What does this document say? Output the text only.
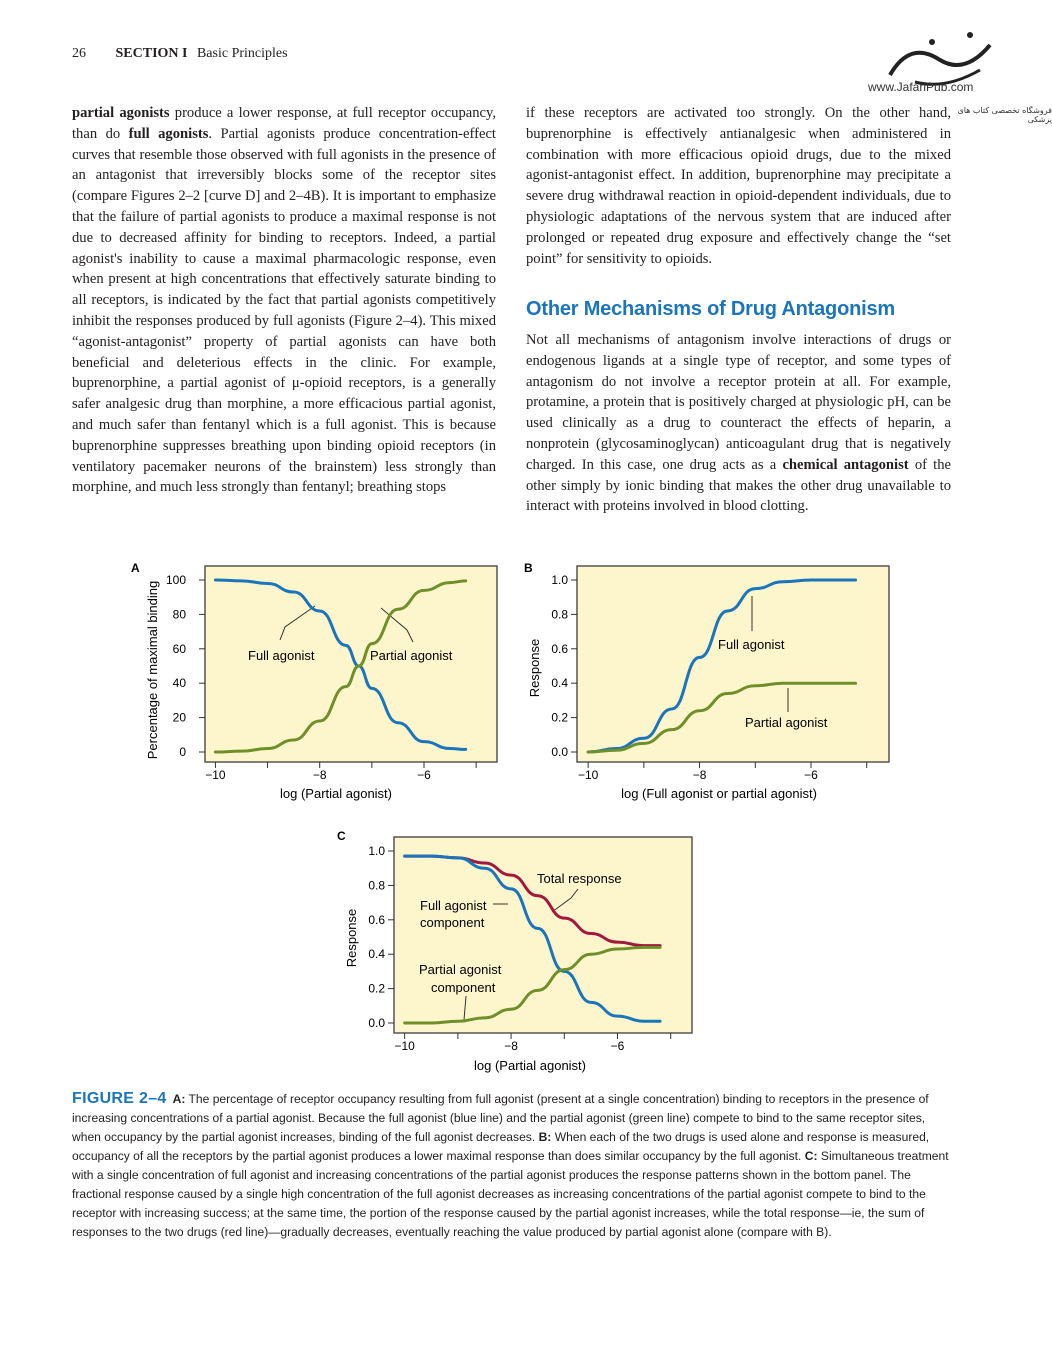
26 SECTION I Basic Principles
www.JafariPub.com
فروشگاه تخصصی کتاب های پزشکی

partial agonists produce a lower response, at full receptor occupancy, than do full agonists. Partial agonists produce concentration-effect curves that resemble those observed with full agonists in the presence of an antagonist that irreversibly blocks some of the receptor sites (compare Figures 2–2 [curve D] and 2–4B). It is important to emphasize that the failure of partial agonists to produce a maximal response is not due to decreased affinity for binding to receptors. Indeed, a partial agonist's inability to cause a maximal pharmacologic response, even when present at high concentrations that effectively saturate binding to all receptors, is indicated by the fact that partial agonists competitively inhibit the responses produced by full agonists (Figure 2–4). This mixed “agonist-antagonist” property of partial agonists can have both beneficial and deleterious effects in the clinic. For example, buprenorphine, a partial agonist of μ-opioid receptors, is a generally safer analgesic drug than morphine, a more efficacious partial agonist, and much safer than fentanyl which is a full agonist. This is because buprenorphine suppresses breathing upon binding opioid receptors (in ventilatory pacemaker neurons of the brainstem) less strongly than morphine, and much less strongly than fentanyl; breathing stops

if these receptors are activated too strongly. On the other hand, buprenorphine is effectively antianalgesic when administered in combination with more efficacious opioid drugs, due to the mixed agonist-antagonist effect. In addition, buprenorphine may precipitate a severe drug withdrawal reaction in opioid-dependent individuals, due to physiologic adaptations of the nervous system that are induced after prolonged or repeated drug exposure and effectively change the “set point” for sensitivity to opioids.

Other Mechanisms of Drug Antagonism

Not all mechanisms of antagonism involve interactions of drugs or endogenous ligands at a single type of receptor, and some types of antagonism do not involve a receptor protein at all. For example, protamine, a protein that is positively charged at physiologic pH, can be used clinically as a drug to counteract the effects of heparin, a nonprotein (glycosaminoglycan) anticoagulant drug that is negatively charged. In this case, one drug acts as a chemical antagonist of the other simply by ionic binding that makes the other drug unavailable to interact with proteins involved in blood clotting.

A
Full agonist	Partial agonist
log (Partial agonist)
Percentage of maximal binding 0
20
40
60
80
100
−10	−8	−6
B
Full agonist
Partial agonist
log (Full agonist or partial agonist)
Response
0.0
0.2
0.4
0.6
0.8
1.0
−10	−8	−6
C
Total response
Full agonist
component
Partial agonist
component
log (Partial agonist)
Response
0.0
0.2
0.4
0.6
0.8
1.0
−10	−8	−6
FIGURE 2–4 A: The percentage of receptor occupancy resulting from full agonist (present at a single concentration) binding to receptors in the presence of increasing concentrations of a partial agonist. Because the full agonist (blue line) and the partial agonist (green line) compete to bind to the same receptor sites, when occupancy by the partial agonist increases, binding of the full agonist decreases. B: When each of the two drugs is used alone and response is measured, occupancy of all the receptors by the partial agonist produces a lower maximal response than does similar occupancy by the full agonist. C: Simultaneous treatment with a single concentration of full agonist and increasing concentrations of the partial agonist produces the response patterns shown in the bottom panel. The fractional response caused by a single high concentration of the full agonist decreases as increasing concentrations of the partial agonist compete to bind to the receptor with increasing success; at the same time, the portion of the response caused by the partial agonist increases, while the total response—ie, the sum of responses to the two drugs (red line)—gradually decreases, eventually reaching the value produced by partial agonist alone (compare with B).
